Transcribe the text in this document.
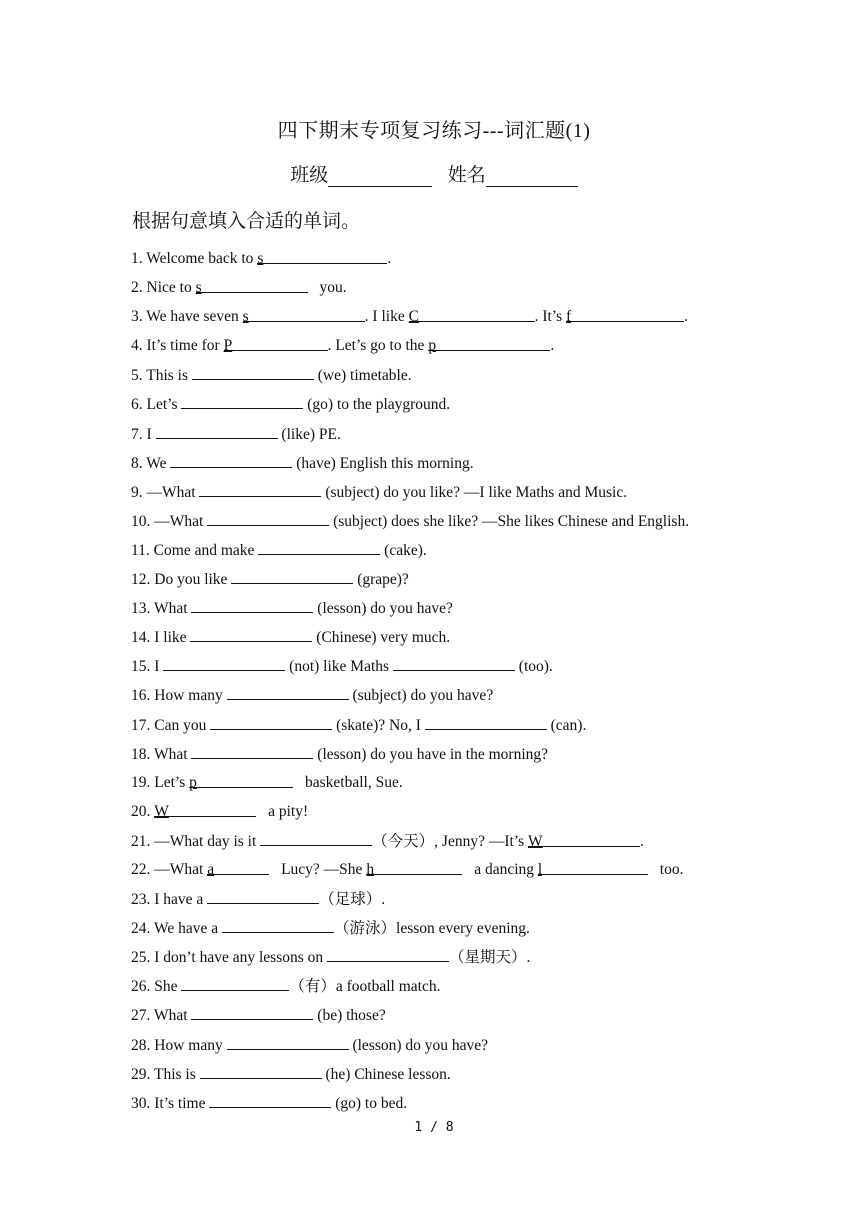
四下期末专项复习练习---词汇题(1)
班级	姓名
根据句意填入合适的单词。
1. Welcome back to s	.
2. Nice to s	you.
3. We have seven s	. I like C	. It’s f	.
4. It’s time for P	. Let’s go to the p	.
5. This is	(we) timetable.
6. Let’s	(go) to the playground.
7. I	(like) PE.
8. We	(have) English this morning.
9. —What	(subject) do you like? —I like Maths and Music.
10. —What	(subject) does she like? —She likes Chinese and English.
11. Come and make	(cake).
12. Do you like	(grape)?
13. What	(lesson) do you have?
14. I like	(Chinese) very much.
15. I	(not) like Maths	(too).
16. How many	(subject) do you have?
17. Can you	(skate)? No, I	(can).
18. What	(lesson) do you have in the morning?
19. Let’s p	basketball, Sue.
20. W	a pity!
21. —What day is it	（今天）, Jenny? —It’s W	.
22. —What a	Lucy? —She h	a dancing l	too.
23. I have a	（足球）.
24. We have a	（游泳）lesson every evening.
25. I don’t have any lessons on	（星期天）.
26. She	（有）a football match.
27. What	(be) those?
28. How many	(lesson) do you have?
29. This is	(he) Chinese lesson.
30. It’s time	(go) to bed.
1 / 8
